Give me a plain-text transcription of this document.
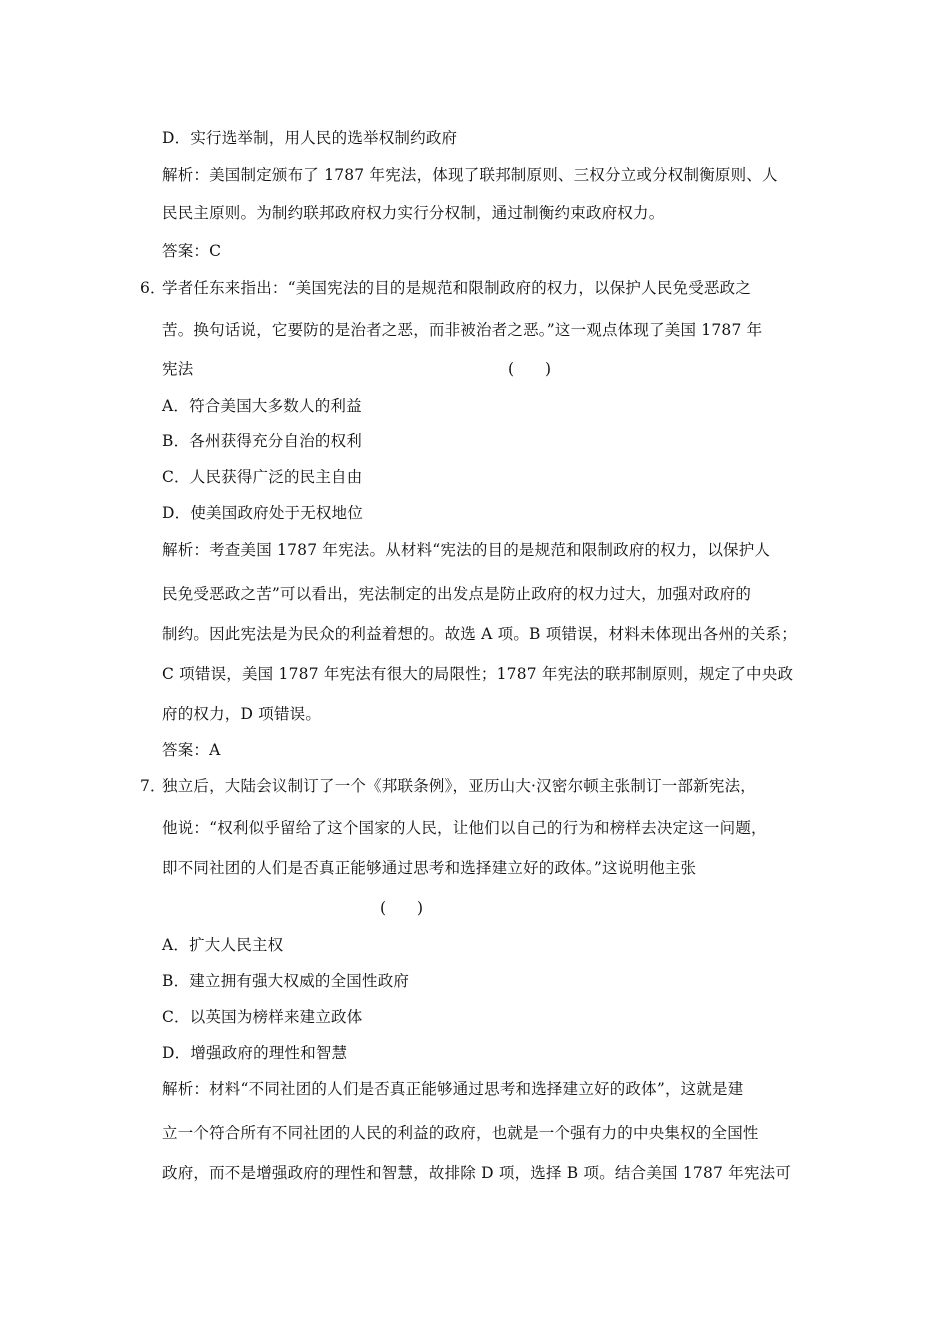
D．实行选举制，用人民的选举权制约政府
解析：美国制定颁布了 1787 年宪法，体现了联邦制原则、三权分立或分权制衡原则、人
民民主原则。为制约联邦政府权力实行分权制，通过制衡约束政府权力。
答案：C
6．
学者任东来指出：“美国宪法的目的是规范和限制政府的权力，以保护人民免受恶政之
苦。换句话说，它要防的是治者之恶，而非被治者之恶。”这一观点体现了美国 1787 年
宪法	(　　)
A．符合美国大多数人的利益
B．各州获得充分自治的权利
C．人民获得广泛的民主自由
D．使美国政府处于无权地位
解析：考查美国 1787 年宪法。从材料“宪法的目的是规范和限制政府的权力，以保护人
民免受恶政之苦”可以看出，宪法制定的出发点是防止政府的权力过大，加强对政府的
制约。因此宪法是为民众的利益着想的。故选 A 项。B 项错误，材料未体现出各州的关系；
C 项错误，美国 1787 年宪法有很大的局限性；1787 年宪法的联邦制原则，规定了中央政
府的权力，D 项错误。
答案：A
7．
独立后，大陆会议制订了一个《邦联条例》，亚历山大·汉密尔顿主张制订一部新宪法，
他说：“权利似乎留给了这个国家的人民，让他们以自己的行为和榜样去决定这一问题，
即不同社团的人们是否真正能够通过思考和选择建立好的政体。”这说明他主张
(　　)
A．扩大人民主权
B．建立拥有强大权威的全国性政府
C．以英国为榜样来建立政体
D．增强政府的理性和智慧
解析：材料“不同社团的人们是否真正能够通过思考和选择建立好的政体”，这就是建
立一个符合所有不同社团的人民的利益的政府，也就是一个强有力的中央集权的全国性
政府，而不是增强政府的理性和智慧，故排除 D 项，选择 B 项。结合美国 1787 年宪法可
